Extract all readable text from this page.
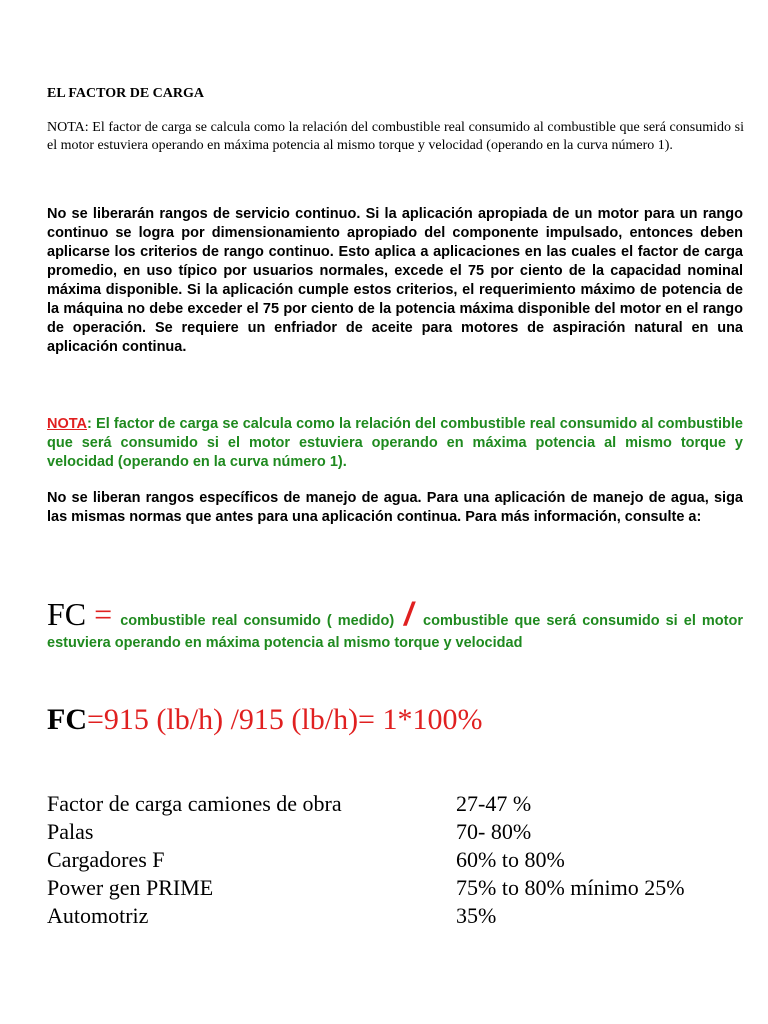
EL FACTOR DE CARGA
NOTA: El factor de carga se calcula como la relación del combustible real consumido al combustible que será consumido si el motor estuviera operando en máxima potencia al mismo torque y velocidad (operando en la curva número 1).
No se liberarán rangos de servicio continuo. Si la aplicación apropiada de un motor para un rango continuo se logra por dimensionamiento apropiado del componente impulsado, entonces deben aplicarse los criterios de rango continuo. Esto aplica a aplicaciones en las cuales el factor de carga promedio, en uso típico por usuarios normales, excede el 75 por ciento de la capacidad nominal máxima disponible. Si la aplicación cumple estos criterios, el requerimiento máximo de potencia de la máquina no debe exceder el 75 por ciento de la potencia máxima disponible del motor en el rango de operación. Se requiere un enfriador de aceite para motores de aspiración natural en una aplicación continua.
NOTA: El factor de carga se calcula como la relación del combustible real consumido al combustible que será consumido si el motor estuviera operando en máxima potencia al mismo torque y velocidad (operando en la curva número 1).
No se liberan rangos específicos de manejo de agua. Para una aplicación de manejo de agua, siga las mismas normas que antes para una aplicación continua. Para más información, consulte a:
FC = combustible real consumido ( medido) / combustible que será consumido si el motor estuviera operando en máxima potencia al mismo torque y velocidad
FC=915 (lb/h) /915 (lb/h)= 1*100%
Factor de carga camiones de obra	27-47 %
Palas	70- 80%
Cargadores F	60% to 80%
Power gen PRIME	75% to 80% mínimo 25%
Automotriz	35%
